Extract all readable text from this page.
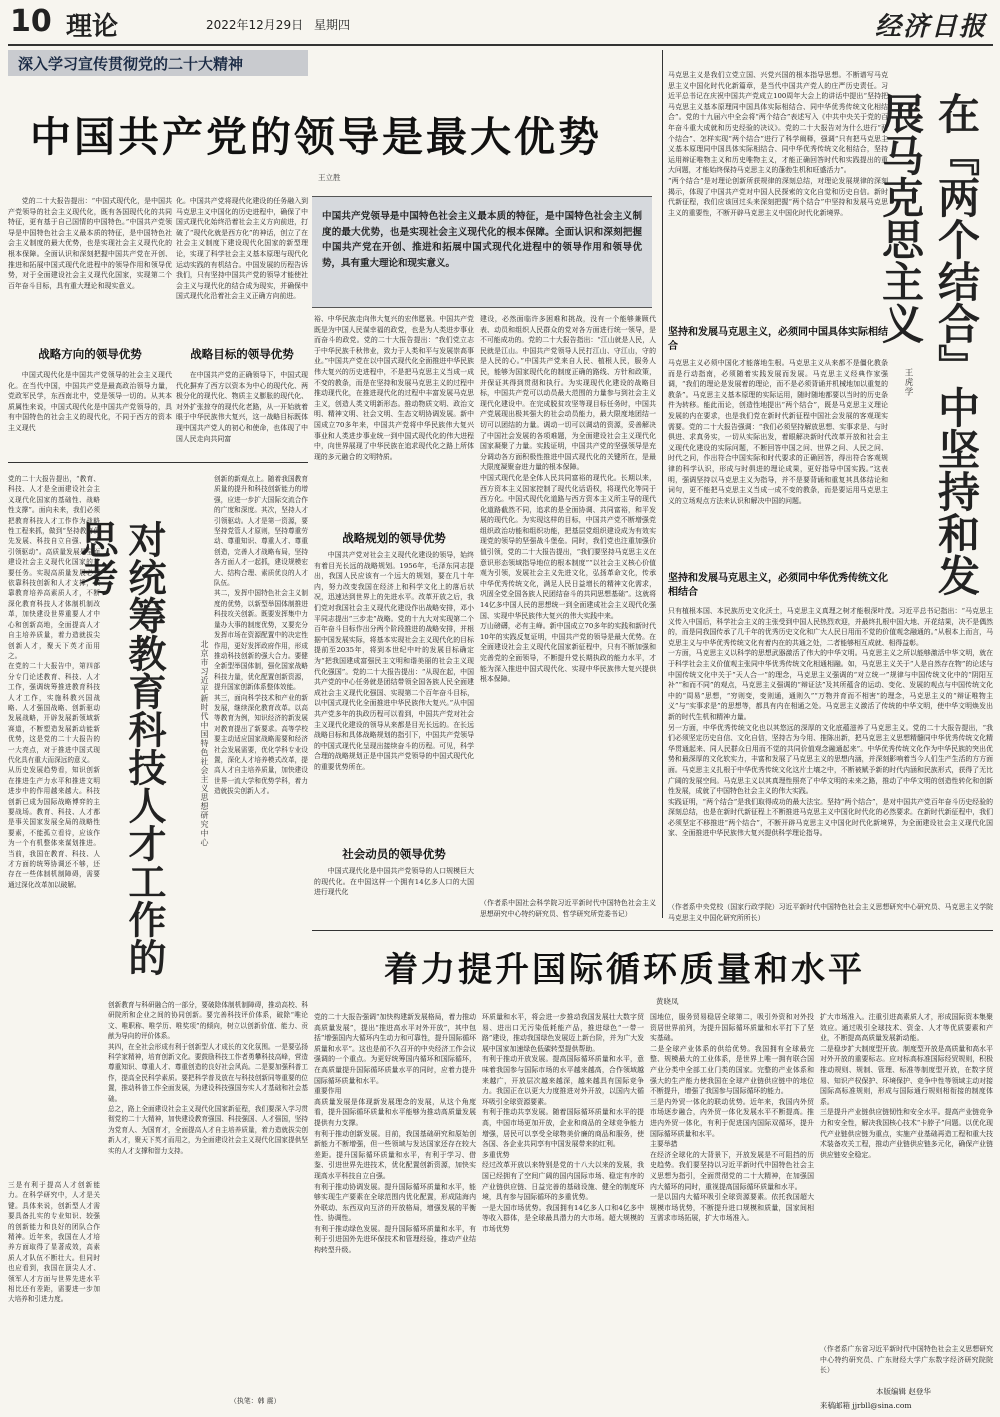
10 理论	2022年12月29日 星期四	经济日报
深入学习宣传贯彻党的二十大精神
中国共产党的领导是最大优势
王立胜
党的二十大报告提出：“中国式现代化，是中国共产党领导的社会主义现代化，既有各国现代化的共同特征，更有基于自己国情的中国特色。”中国共产党领导是中国特色社会主义最本质的特征，是中国特色社会主义制度的最大优势，也是实现社会主义现代化的根本保障。全面认识和深刻把握中国共产党在开创、推进和拓展中国式现代化进程中的领导作用和领导优势，对于全面建设社会主义现代化国家，实现第二个百年奋斗目标，具有重大理论和现实意义。
化。中国共产党将现代化建设的任务融入到马克思主义中国化的历史进程中，确保了中国式现代化始终沿着社会主义方向前进，打破了“现代化就是西方化”的神话，创立了在社会主义制度下建设现代化国家的新型理论，实现了科学社会主义基本原理与现代化运动实践的有机结合。中国发展的历程告诉我们，只有坚持中国共产党的领导才能使社会主义与现代化的结合成为现实，并确保中国式现代化沿着社会主义正确方向前进。
中国共产党领导是中国特色社会主义最本质的特征，是中国特色社会主义制度的最大优势，也是实现社会主义现代化的根本保障。全面认识和深刻把握中国共产党在开创、推进和拓展中国式现代化进程中的领导作用和领导优势，具有重大理论和现实意义。
战略方向的领导优势
中国式现代化是中国共产党领导的社会主义现代化。在当代中国，中国共产党是最高政治领导力量，党政军民学，东西南北中，党是领导一切的。从其本质属性来说，中国式现代化是中国共产党领导的，具有中国特色的社会主义的现代化，不同于西方的资本主义现代
战略目标的领导优势
在中国共产党的正确领导下，中国式现代化摒弃了西方以资本为中心的现代化、两极分化的现代化、物质主义膨胀的现代化、对外扩张掠夺的现代化老路，从一开始就着眼于中华民族伟大复兴，这一战略目标既体现中国共产党人的初心和使命，也体现了中国人民走向共同富
裕、中华民族走向伟大复兴的宏伟愿景。中国共产党既是为中国人民谋幸福的政党，也是为人类进步事业而奋斗的政党。党的二十大报告提出：“我们党立志于中华民族千秋伟业，致力于人类和平与发展崇高事业。”中国共产党在以中国式现代化全面推进中华民族伟大复兴的历史进程中，不是把马克思主义当成一成不变的教条，而是在坚持和发展马克思主义的过程中推动现代化，在推进现代化的过程中丰富发展马克思主义，创造人类文明新形态。推动物质文明、政治文明、精神文明、社会文明、生态文明协调发展。新中国成立70多年来，中国共产党将中华民族伟大复兴事业和人类进步事业统一到中国式现代化的伟大进程中，向世界展现了中华民族在追求现代化之路上所体现的多元融合的文明特质。
战略规划的领导优势
中国共产党对社会主义现代化建设的领导，始终有着目光长远的战略规划。1956年，毛泽东同志提出，我国人民应该有一个远大的规划，要在几十年内，努力改变我国在经济上和科学文化上的落后状况，迅速达到世界上的先进水平。改革开放之后，我们党对我国社会主义现代化建设作出战略安排，邓小平同志提出“三步走”战略。党的十九大对实现第二个百年奋斗目标作出分两个阶段推进的战略安排，并根据中国发展实际，将基本实现社会主义现代化的目标提前至2035年，将到本世纪中叶的发展目标确定为“把我国建成富强民主文明和谐美丽的社会主义现代化强国”。党的二十大报告提出：“从现在起，中国共产党的中心任务就是团结带领全国各族人民全面建成社会主义现代化强国、实现第二个百年奋斗目标，以中国式现代化全面推进中华民族伟大复兴。”从中国共产党多年的执政历程可以看到，中国共产党对社会主义现代化建设的领导从来都是目光长远的。在长远战略目标和具体战略规划的指引下，中国共产党领导的中国式现代化呈现出接续奋斗的历程。可见，科学合理的战略规划正是中国共产党领导的中国式现代化的重要优势所在。
社会动员的领导优势
中国式现代化是中国共产党领导的人口规模巨大的现代化。在中国这样一个拥有14亿多人口的大国进行现代化
建设，必然面临许多困难和挑战，没有一个能够兼顾代表、动员和组织人民群众的党对各方面进行统一领导，是不可能成功的。党的二十大报告指出：“江山就是人民，人民就是江山。中国共产党领导人民打江山、守江山，守的是人民的心。”中国共产党来自人民、植根人民，服务人民，能够为国家现代化的制度正确的路线、方针和政策，并保证其得到贯彻和执行。为实现现代化建设的战略目标，中国共产党可以动员最大范围的力量参与到社会主义现代化建设中。在完成脱贫攻坚等现目标任务时，中国共产党展现出极其强大的社会动员能力，最大限度地团结一切可以团结的力量。调动一切可以调动的资源，妥善解决了中国社会发展的各项难题，为全面建设社会主义现代化国家凝聚了力量。实践证明，中国共产党的坚强领导是充分调动各方面积极性推进中国式现代化的关键所在，是最大限度凝聚奋进力量的根本保障。
中国式现代化是全体人民共同富裕的现代化。长期以来，西方资本主义国家控制了现代化话语权，将现代化等同于西方化。中国式现代化道路与西方资本主义所主导的现代化道路截然不同，追求的是全面协调、共同富裕，和平发展的现代化。为实现这样的目标，中国共产党不断增强党组织政治功能和组织功能，把基层党组织建设成为有效实现党的领导的坚强战斗堡垒。同时，我们党也注重加强价值引领，党的二十大报告提出，“我们要坚持马克思主义在意识形态领域指导地位的根本制度”“以社会主义核心价值观为引领，发展社会主义先进文化，弘扬革命文化，传承中华优秀传统文化，满足人民日益增长的精神文化需求，巩固全党全国各族人民团结奋斗的共同思想基础”。这就将14亿多中国人民的思想统一到全面建成社会主义现代化强国、实现中华民族伟大复兴的伟大实践中来。
万山磅礴，必有主峰。新中国成立70多年的实践和新时代10年的实践反复证明，中国共产党的领导是最大优势。在全面建设社会主义现代化国家新征程中，只有不断加强和完善党的全面领导，不断提升党长期执政的能力水平，才能为深入推进中国式现代化、实现中华民族伟大复兴提供根本保障。
（作者系中国社会科学院习近平新时代中国特色社会主义思想研究中心特约研究员、哲学研究所党委书记）
马克思主义是我们立党立国、兴党兴国的根本指导思想。不断谱写马克思主义中国化时代化新篇章，是当代中国共产党人的庄严历史责任。习近平总书记在庆祝中国共产党成立100周年大会上的讲话中提出“坚持把马克思主义基本原理同中国具体实际相结合、同中华优秀传统文化相结合”。党的十九届六中全会将“两个结合”表述写入《中共中央关于党的百年奋斗重大成就和历史经验的决议》。党的二十大报告对为什么进行“两个结合”、怎样实现“两个结合”进行了科学阐释，强调“只有把马克思主义基本原理同中国具体实际相结合、同中华优秀传统文化相结合，坚持运用辩证唯物主义和历史唯物主义，才能正确回答时代和实践提出的重大问题，才能始终保持马克思主义的蓬勃生机和旺盛活力”。
“两个结合”是对理论创新所获规律的深刻总结，对理论发展规律的深刻揭示，体现了中国共产党对中国人民探索的文化自觉和历史自信。新时代新征程，我们应该回过头来深刻把握“两个结合”中坚持和发展马克思主义的重要性，不断开辟马克思主义中国化时代化新境界。
坚持和发展马克思主义，必须同中国具体实际相结合
马克思主义必须中国化才能落地生根。马克思主义从来都不是僵化教条而是行动指南，必须随着实践发展而发展。马克思主义经典作家强调，“我们的理论是发展着的理论，而不是必须背诵并机械地加以重复的教条”。马克思主义基本原理的实际运用，随时随地都要以当时的历史条件为转移。能此而论，创造性地提出“两个结合”，既是马克思主义理论发展的内在要求，也是我们党在新时代新征程中国社会发展的客观现实需要。党的二十大报告强调：“我们必须坚持解放思想、实事求是、与时俱进、求真务实，一切从实际出发，着眼解决新时代改革开放和社会主义现代化建设的实际问题，不断回答中国之问、世界之问、人民之问、时代之问，作出符合中国实际和时代要求的正确回答，得出符合客观规律的科学认识，形成与时俱进的理论成果，更好指导中国实践。”这表明，强调坚持以马克思主义为指导，并不是要背诵和重复其具体结论和词句，更不能把马克思主义当成一成不变的教条，而是要运用马克思主义的立场观点方法来认识和解决中国的问题。
坚持和发展马克思主义，必须同中华优秀传统文化相结合
只有植根本国、本民族历史文化沃土，马克思主义真理之树才能根深叶茂。习近平总书记指出：“马克思主义传入中国后，科学社会主义的主张受到中国人民热烈欢迎，并最终扎根中国大地、开花结果，决不是偶然的，而是同我国传承了几千年的优秀历史文化和广大人民日用而不觉的价值观念融通的。”从根本上而言，马克思主义与中华优秀传统文化有着内在的共通之处，二者能够相互成就、相得益彰。
一方面，马克思主义以科学的思想武器激活了伟大的中华文明。马克思主义之所以能够激活中华文明，就在于科学社会主义价值观主张同中华优秀传统文化相通相融。如，马克思主义关于“人是自然存在物”的论述与中国传统文化中关于“天人合一”的理念，马克思主义强调的“对立统一”规律与中国传统文化中的“阴阳互补”“和而不同”的观点，马克思主义强调的“辩证法”及其所蕴含的运动、变化、发展的观点与中国传统文化中的“周易”思想，“穷则变，变则通，通则久”“万物并育而不相害”的理念，马克思主义的“辩证唯物主义”与“实事求是”的思想等，都具有内在相通之处。马克思主义激活了传统的中华文明，使中华文明焕发出新的时代生机和精神力量。
另一方面，中华优秀传统文化也以其悠远的深厚的文化底蕴滋养了马克思主义。党的二十大报告提出，“我们必须坚定历史自信、文化自信，坚持古为今用、推陈出新，把马克思主义思想精髓同中华优秀传统文化精华贯通起来、同人民群众日用而不觉的共同价值观念融通起来”。中华优秀传统文化作为中华民族的突出优势和最深厚的文化软实力，丰富和发展了马克思主义的思想内涵，并深刻影响着当今人们生产生活的方方面面。马克思主义扎根于中华优秀传统文化这片土壤之中，不断被赋予新的时代内涵和民族形式，获得了无比广阔的发展空间。马克思主义以其真理性照亮了中华文明的未来之路，推动了中华文明的创造性转化和创新性发展，成就了中国特色社会主义的伟大实践。
实践证明，“两个结合”是我们取得成功的最大法宝。坚持“两个结合”，是对中国共产党百年奋斗历史经验的深刻总结，也是在新时代新征程上不断推进马克思主义中国化时代化的必然要求。在新时代新征程中，我们必须坚定不移推进“两个结合”，不断开辟马克思主义中国化时代化新境界，为全面建设社会主义现代化国家、全面推进中华民族伟大复兴提供科学理论指导。
（作者系中央党校（国家行政学院）习近平新时代中国特色社会主义思想研究中心研究员、马克思主义学院马克思主义中国化研究所所长）
在『两个结合』中坚持和发展马克思主义
王虎学
党的二十大报告提出，“教育、科技、人才是全面建设社会主义现代化国家的基础性、战略性支撑”。面向未来，我们必须把教育科技人才工作作为战略性工程来抓，做到“坚持教育优先发展、科技自立自强、人才引领驱动”。高质量发展是全面建设社会主义现代化国家的首要任务。实现高质量发展必须依靠科技创新和人才支撑，依靠教育培养高素质人才，不断深化教育科技人才体制机制改革，加快建设世界重要人才中心和创新高地，全面提高人才自主培养质量，着力造就拔尖创新人才，聚天下英才而用之。
在党的二十大报告中，第四部分专门论述教育、科技、人才工作，强调统筹推进教育科技人才工作，实施科教兴国战略、人才强国战略、创新驱动发展战略，开辟发展新领域新赛道，不断塑造发展新动能新优势，这是党的二十大报告的一大亮点，对于推进中国式现代化具有重大而深远的意义。
从历史发展趋势看，知识创新在推进生产力水平和推进文明进步中的作用越来越大。科技创新已成为国际战略博弈的主要战场。教育、科技、人才都是事关国家发展全局的战略性要素，不能孤立看待，应该作为一个有机整体来谋划推进。当前，我国在教育、科技、人才方面的统筹协调还不够，还存在一些体制机制障碍，需要通过深化改革加以破解。	对统筹教育科技人才工作的思考
北京市习近平新时代中国特色社会主义思想研究中心
创新的新观点上。随着我国教育质量的提升和科技创新能力的增强，应进一步扩大国际交流合作的广度和深度。其次，坚持人才引领驱动。人才是第一资源，要坚持党管人才原则，坚持尊重劳动、尊重知识、尊重人才、尊重创造，完善人才战略布局，坚持各方面人才一起抓，建设规模宏大、结构合理、素质优良的人才队伍。
其二，发挥中国特色社会主义制度的优势，以新型举国体制推进科技攻关创新。既要发挥集中力量办大事的制度优势，又要充分发挥市场在资源配置中的决定性作用，更好发挥政府作用，形成推动科技创新的强大合力。要健全新型举国体制，强化国家战略科技力量，优化配置创新资源，提升国家创新体系整体效能。
其三，面向科学技术和产业的新发展，继续深化教育改革。以高等教育为例，知识经济的新发展对教育提出了新要求。高等学校要主动适应国家战略需要和经济社会发展需要，优化学科专业设置，深化人才培养模式改革，提高人才自主培养质量，加快建设世界一流大学和优势学科，着力造就拔尖创新人才。
三是有利于提高人才创新能力。在科学研究中，人才是关键。具体来说，创新型人才需要具备扎实的专业知识、较强的创新能力和良好的团队合作精神。近年来，我国在人才培养方面取得了显著成效，高素质人才队伍不断壮大。但同时也应看到，我国在顶尖人才、领军人才方面与世界先进水平相比还有差距，需要进一步加大培养和引进力度。
创新教育与科研融合的一部分，要破除体制机制障碍，推动高校、科研院所和企业之间的协同创新。要完善科技评价体系，破除“唯论文、唯职称、唯学历、唯奖项”的倾向，树立以创新价值、能力、贡献为导向的评价体系。
其四，在全社会形成有利于创新型人才成长的文化氛围。一是要弘扬科学家精神，培育创新文化。要鼓励科技工作者勇攀科技高峰，营造尊重知识、尊重人才、尊重创造的良好社会风尚。二是要加强科普工作，提高全民科学素质。要把科学普及放在与科技创新同等重要的位置，推动科普工作全面发展，为建设科技强国夯实人才基础和社会基础。
总之，路上全面建设社会主义现代化国家新征程，我们要深入学习贯彻党的二十大精神，加快建设教育强国、科技强国、人才强国，坚持为党育人、为国育才，全面提高人才自主培养质量，着力造就拔尖创新人才，聚天下英才而用之，为全面建设社会主义现代化国家提供坚实的人才支撑和智力支持。
（执笔：韩 震）
着力提升国际循环质量和水平
黄晓凤
党的二十大报告强调“加快构建新发展格局，着力推动高质量发展”，提出“推进高水平对外开放”，其中包括“增强国内大循环内生动力和可靠性，提升国际循环质量和水平”。这也是前不久召开的中央经济工作会议强调的一个重点。为更好统筹国内循环和国际循环，在高质量提升国际循环质量水平的同时，应着力提升国际循环质量和水平。
重要作用
高质量发展是体现新发展理念的发展，从这个角度看，提升国际循环质量和水平能够为推动高质量发展提供有力支撑。
有利于推动创新发展。目前，我国基础研究和原始创新能力不断增强，但一些领域与发达国家还存在较大差距。提升国际循环质量和水平，有利于学习、借鉴、引进世界先进技术，优化配置创新资源，加快实现高水平科技自立自强。
有利于推动协调发展。提升国际循环质量和水平，能够实现生产要素在全球范围内优化配置，形成陆海内外联动、东西双向互济的开放格局，增强发展的平衡性、协调性。
有利于推动绿色发展。提升国际循环质量和水平，有利于引进国外先进环保技术和管理经验，推动产业结构转型升级。
环质量和水平，将会进一步推动我国发展壮大数字贸易、进出口无污染低耗能产品，推进绿色“一带一路”建设，推动我国绿色发展迈上新台阶，并为广大发展中国家加速绿色低碳转型提供帮助。
有利于推动开放发展。提高国际循环质量和水平，意味着我国参与国际市场的水平越来越高，合作领域越来越广，开放层次越来越深，越来越具有国际竞争力。我国正在以更大力度推进对外开放，以国内大循环吸引全球资源要素。
有利于推动共享发展。随着国际循环质量和水平的提高，中国市场更加开放，企业和商品的全球竞争能力增强，居民可以享受全球物美价廉的商品和服务，使各国、各企业共同享有中国发展带来的红利。
多重优势
经过改革开放以来特别是党的十八大以来的发展，我国已经拥有了空间广阔的国内国际市场、稳定有序的产业链供应链、日益完善的基础设施、健全的制度环境，具有参与国际循环的多重优势。
一是大国市场优势。我国拥有14亿多人口和4亿多中等收入群体，是全球最具潜力的大市场。超大规模的市场优势
国地位，服务贸易稳居全球第二，吸引外资和对外投资居世界前列，为提升国际循环质量和水平打下了坚实基础。
二是全球产业体系的供给优势。我国拥有全球最完整、规模最大的工业体系，是世界上唯一拥有联合国产业分类中全部工业门类的国家。完整的产业体系和强大的生产能力使我国在全球产业链供应链中的地位不断提升，增强了我国参与国际循环的能力。
三是内外贸一体化的联动优势。近年来，我国内外贸市场逐步融合，内外贸一体化发展水平不断提高。推进内外贸一体化，有利于促进国内国际双循环，提升国际循环质量和水平。
主要举措
在经济全球化的大背景下，开放发展是不可阻挡的历史趋势。我们要坚持以习近平新时代中国特色社会主义思想为指引，全面贯彻党的二十大精神，在加强国内大循环的同时，重视提高国际循环质量和水平。
一是以国内大循环吸引全球资源要素。依托我国超大规模市场优势，不断提升进口规模和质量，国家间相互需求市场拓展，扩大市场准入。
扩大市场准入。注重引进高素质人才，形成国际资本集聚效应。通过吸引全球技术、资金、人才等优质要素和产业，不断提高高质量发展新动能。
二是稳步扩大制度型开放。制度型开放是高质量和高水平对外开放的重要标志。应对标高标准国际经贸规则，积极推动规则、规制、管理、标准等制度型开放，在数字贸易、知识产权保护、环境保护、竞争中性等领域主动对接国际高标准规则，形成与国际通行规则相衔接的制度体系。
三是提升产业链供应链韧性和安全水平。提高产业链竞争力和安全性，解决我国核心技术“卡脖子”问题。以优化现代产业链供应链为重点，实施产业基础再造工程和重大技术装备攻关工程，推动产业链供应链多元化，确保产业链供应链安全稳定。
（作者系广东省习近平新时代中国特色社会主义思想研究中心特约研究员、广东财经大学广东数字经济研究院院长）
本版编辑 赵登华
来稿邮箱 jjrbll@sina.com
